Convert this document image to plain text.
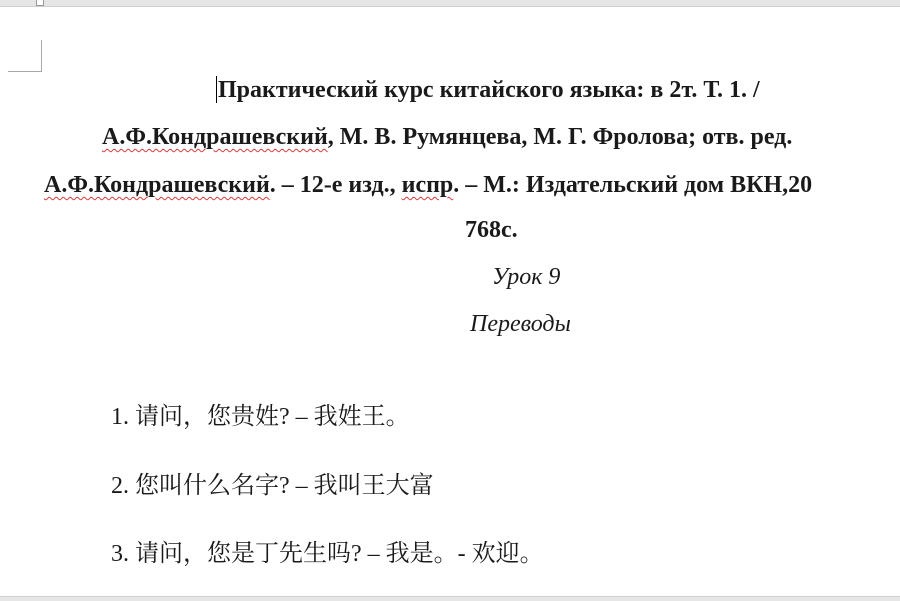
Практический курс китайского языка: в 2т. Т. 1. /
А.Ф.Кондрашевский, М. В. Румянцева, М. Г. Фролова; отв. ред.
А.Ф.Кондрашевский. – 12-е изд., испр. – М.: Издательский дом ВКН,20
768с.
Урок 9
Переводы
1. 请问，您贵姓? – 我姓王。
2. 您叫什么名字? – 我叫王大富
3. 请问，您是丁先生吗? – 我是。- 欢迎。
